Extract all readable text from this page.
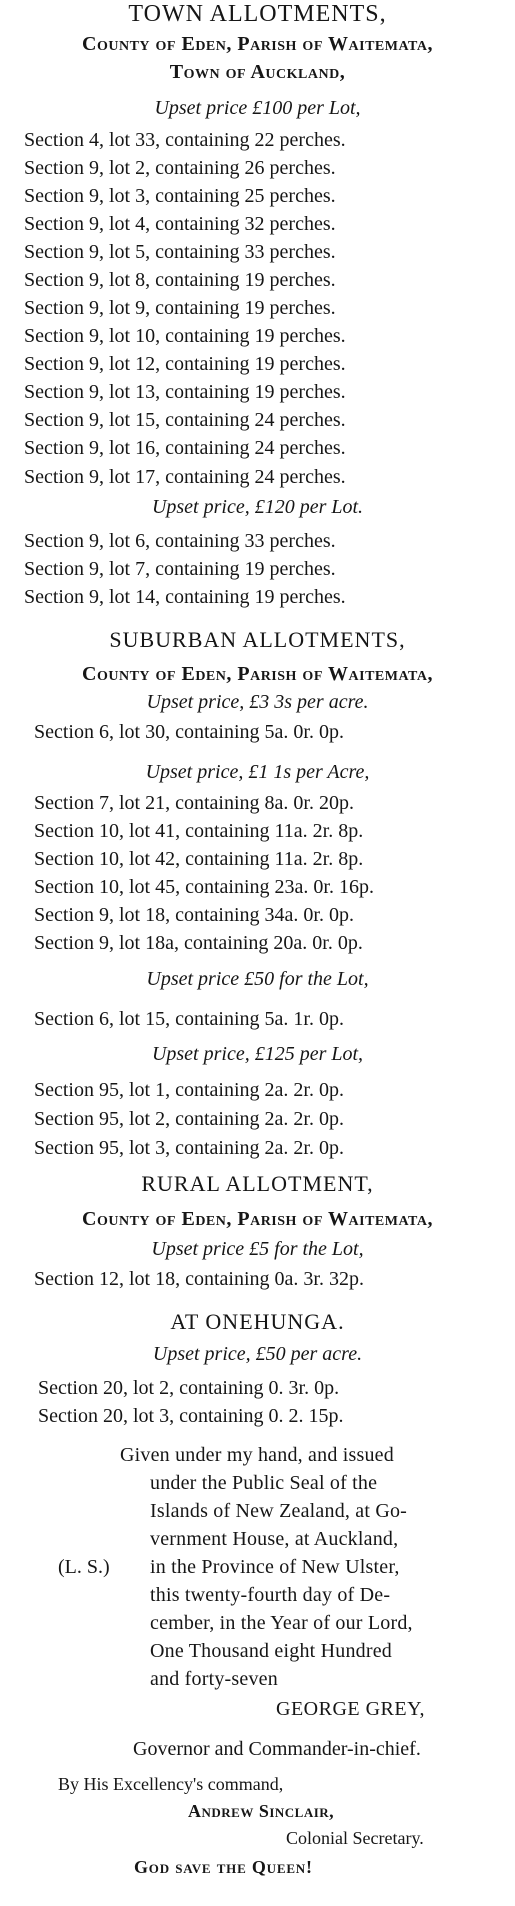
TOWN ALLOTMENTS,
County of Eden, Parish of Waitemata,
Town of Auckland,
Upset price £100 per Lot,
Section 4, lot 33, containing 22 perches.
Section 9, lot 2, containing 26 perches.
Section 9, lot 3, containing 25 perches.
Section 9, lot 4, containing 32 perches.
Section 9, lot 5, containing 33 perches.
Section 9, lot 8, containing 19 perches.
Section 9, lot 9, containing 19 perches.
Section 9, lot 10, containing 19 perches.
Section 9, lot 12, containing 19 perches.
Section 9, lot 13, containing 19 perches.
Section 9, lot 15, containing 24 perches.
Section 9, lot 16, containing 24 perches.
Section 9, lot 17, containing 24 perches.
Upset price, £120 per Lot.
Section 9, lot 6, containing 33 perches.
Section 9, lot 7, containing 19 perches.
Section 9, lot 14, containing 19 perches.
SUBURBAN ALLOTMENTS,
County of Eden, Parish of Waitemata,
Upset price, £3 3s per acre.
Section 6, lot 30, containing 5a. 0r. 0p.
Upset price, £1 1s per Acre,
Section 7, lot 21, containing 8a. 0r. 20p.
Section 10, lot 41, containing 11a. 2r. 8p.
Section 10, lot 42, containing 11a. 2r. 8p.
Section 10, lot 45, containing 23a. 0r. 16p.
Section 9, lot 18, containing 34a. 0r. 0p.
Section 9, lot 18a, containing 20a. 0r. 0p.
Upset price £50 for the Lot,
Section 6, lot 15, containing 5a. 1r. 0p.
Upset price, £125 per Lot,
Section 95, lot 1, containing 2a. 2r. 0p.
Section 95, lot 2, containing 2a. 2r. 0p.
Section 95, lot 3, containing 2a. 2r. 0p.
RURAL ALLOTMENT,
County of Eden, Parish of Waitemata,
Upset price £5 for the Lot,
Section 12, lot 18, containing 0a. 3r. 32p.
AT ONEHUNGA.
Upset price, £50 per acre.
Section 20, lot 2, containing 0. 3r. 0p.
Section 20, lot 3, containing 0. 2. 15p.
Given under my hand, and issued
under the Public Seal of the
Islands of New Zealand, at Go-
vernment House, at Auckland,
in the Province of New Ulster,
this twenty-fourth day of De-
cember, in the Year of our Lord,
One Thousand eight Hundred
and forty-seven
(L. S.)
GEORGE GREY,
Governor and Commander-in-chief.
By His Excellency's command,
Andrew Sinclair,
Colonial Secretary.
God save the Queen!
